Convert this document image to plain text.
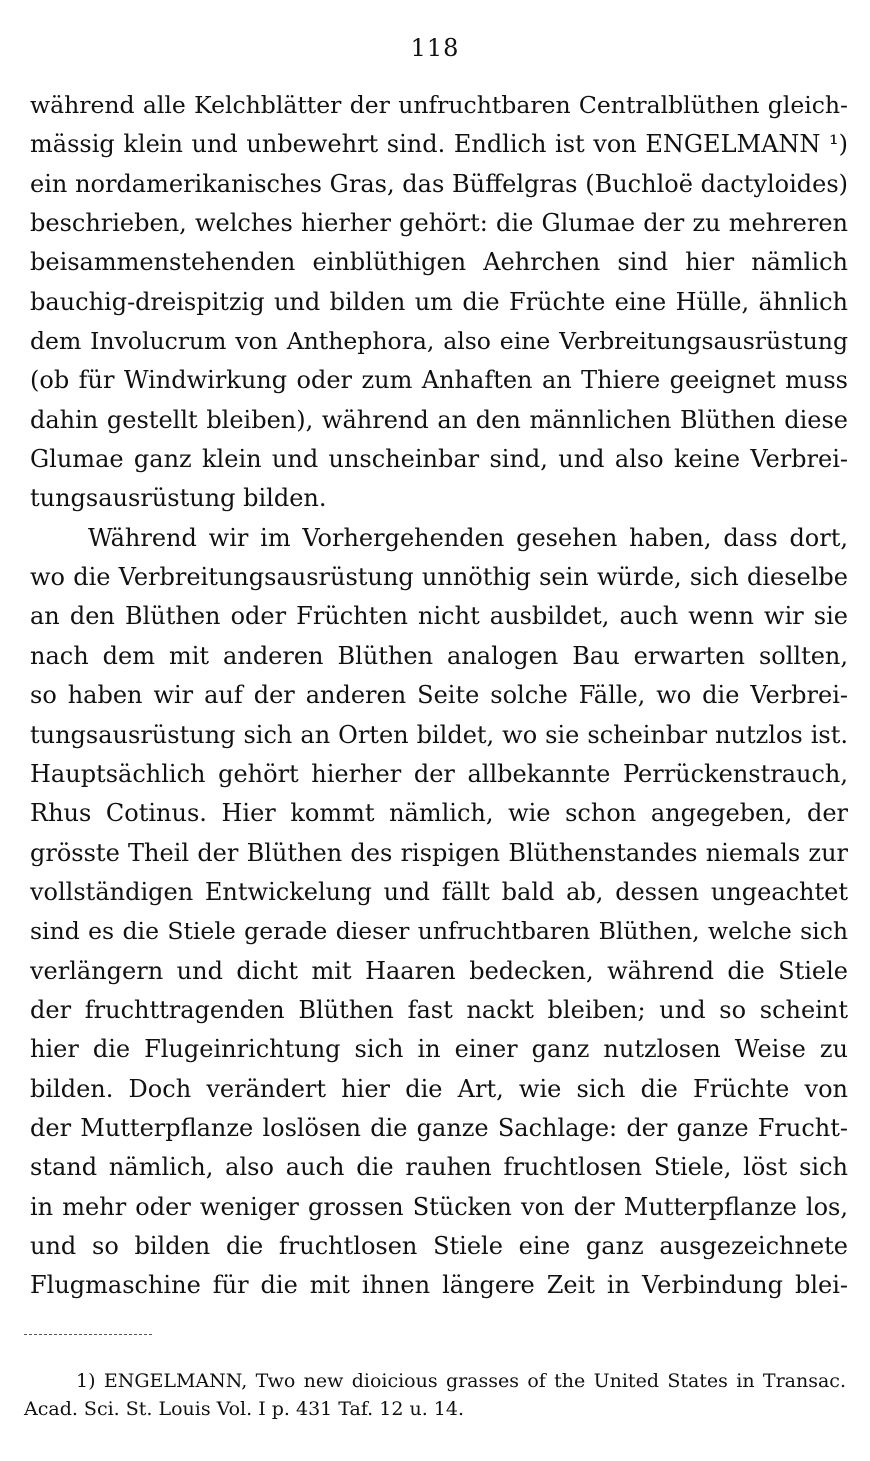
118
während alle Kelchblätter der unfruchtbaren Centralblüthen gleich-
mässig klein und unbewehrt sind. Endlich ist von ENGELMANN ¹)
ein nordamerikanisches Gras, das Büffelgras (Buchloë dactyloides)
beschrieben, welches hierher gehört: die Glumae der zu mehreren
beisammenstehenden einblüthigen Aehrchen sind hier nämlich
bauchig-dreispitzig und bilden um die Früchte eine Hülle, ähnlich
dem Involucrum von Anthephora, also eine Verbreitungsausrüstung
(ob für Windwirkung oder zum Anhaften an Thiere geeignet muss
dahin gestellt bleiben), während an den männlichen Blüthen diese
Glumae ganz klein und unscheinbar sind, und also keine Verbrei-
tungsausrüstung bilden.
Während wir im Vorhergehenden gesehen haben, dass dort,
wo die Verbreitungsausrüstung unnöthig sein würde, sich dieselbe
an den Blüthen oder Früchten nicht ausbildet, auch wenn wir sie
nach dem mit anderen Blüthen analogen Bau erwarten sollten,
so haben wir auf der anderen Seite solche Fälle, wo die Verbrei-
tungsausrüstung sich an Orten bildet, wo sie scheinbar nutzlos ist.
Hauptsächlich gehört hierher der allbekannte Perrückenstrauch,
Rhus Cotinus. Hier kommt nämlich, wie schon angegeben, der
grösste Theil der Blüthen des rispigen Blüthenstandes niemals zur
vollständigen Entwickelung und fällt bald ab, dessen ungeachtet
sind es die Stiele gerade dieser unfruchtbaren Blüthen, welche sich
verlängern und dicht mit Haaren bedecken, während die Stiele
der fruchttragenden Blüthen fast nackt bleiben; und so scheint
hier die Flugeinrichtung sich in einer ganz nutzlosen Weise zu
bilden. Doch verändert hier die Art, wie sich die Früchte von
der Mutterpflanze loslösen die ganze Sachlage: der ganze Frucht-
stand nämlich, also auch die rauhen fruchtlosen Stiele, löst sich
in mehr oder weniger grossen Stücken von der Mutterpflanze los,
und so bilden die fruchtlosen Stiele eine ganz ausgezeichnete
Flugmaschine für die mit ihnen längere Zeit in Verbindung blei-
1) ENGELMANN, Two new dioicious grasses of the United States in Transac.
Acad. Sci. St. Louis Vol. I p. 431 Taf. 12 u. 14.
